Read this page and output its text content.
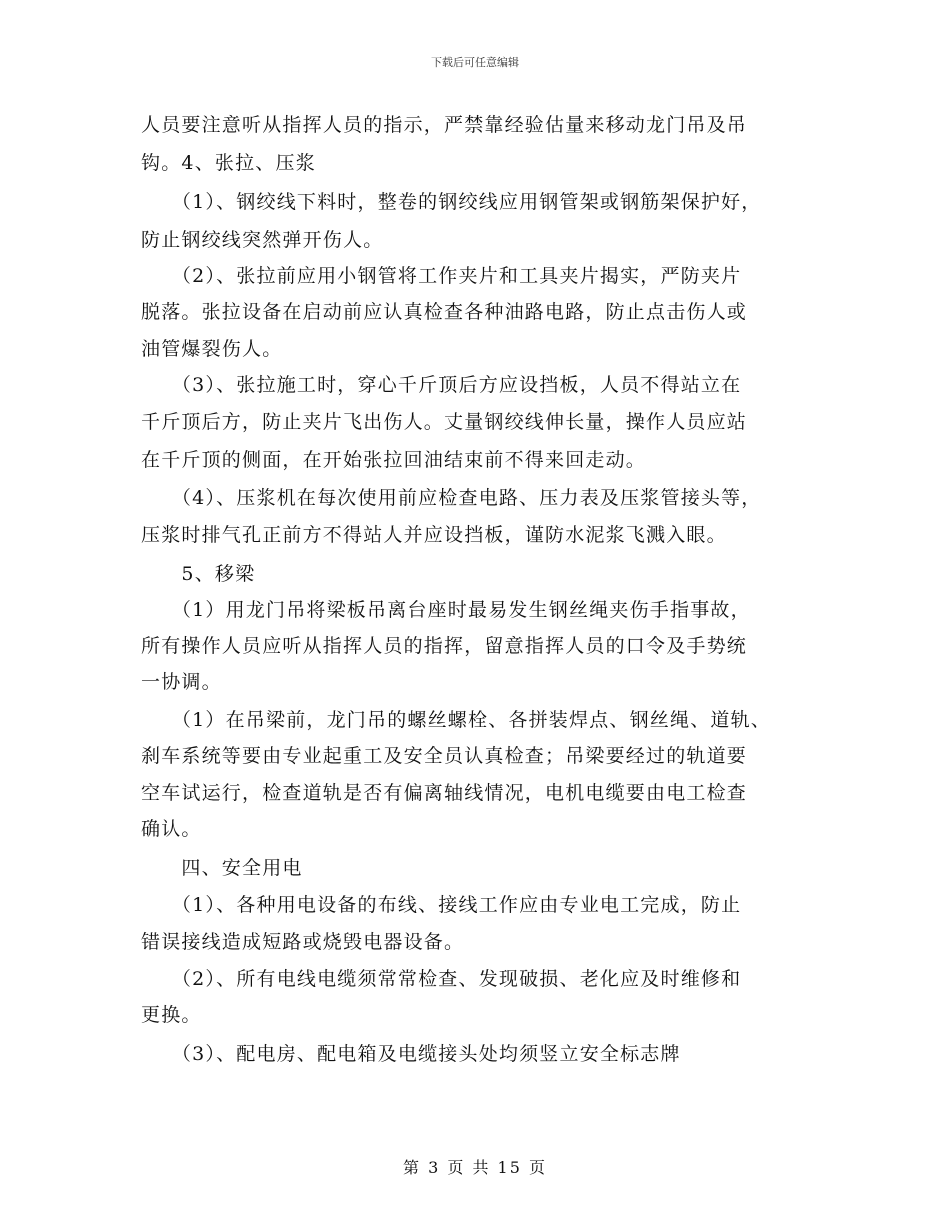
下载后可任意编辑
人员要注意听从指挥人员的指示，严禁靠经验估量来移动龙门吊及吊
钩。4、张拉、压浆
　　（1）、钢绞线下料时，整卷的钢绞线应用钢管架或钢筋架保护好，
防止钢绞线突然弹开伤人。
　　（2）、张拉前应用小钢管将工作夹片和工具夹片揭实，严防夹片
脱落。张拉设备在启动前应认真检查各种油路电路，防止点击伤人或
油管爆裂伤人。
　　（3）、张拉施工时，穿心千斤顶后方应设挡板，人员不得站立在
千斤顶后方，防止夹片飞出伤人。丈量钢绞线伸长量，操作人员应站
在千斤顶的侧面，在开始张拉回油结束前不得来回走动。
　　（4）、压浆机在每次使用前应检查电路、压力表及压浆管接头等，
压浆时排气孔正前方不得站人并应设挡板，谨防水泥浆飞溅入眼。
　　5、移梁
　　（1）用龙门吊将梁板吊离台座时最易发生钢丝绳夹伤手指事故，
所有操作人员应听从指挥人员的指挥，留意指挥人员的口令及手势统
一协调。
　　（1）在吊梁前，龙门吊的螺丝螺栓、各拼装焊点、钢丝绳、道轨、
刹车系统等要由专业起重工及安全员认真检查；吊梁要经过的轨道要
空车试运行，检查道轨是否有偏离轴线情况，电机电缆要由电工检查
确认。
　　四、安全用电
　　（1）、各种用电设备的布线、接线工作应由专业电工完成，防止
错误接线造成短路或烧毁电器设备。
　　（2）、所有电线电缆须常常检查、发现破损、老化应及时维修和
更换。
　　（3）、配电房、配电箱及电缆接头处均须竖立安全标志牌
第 3 页 共 15 页
